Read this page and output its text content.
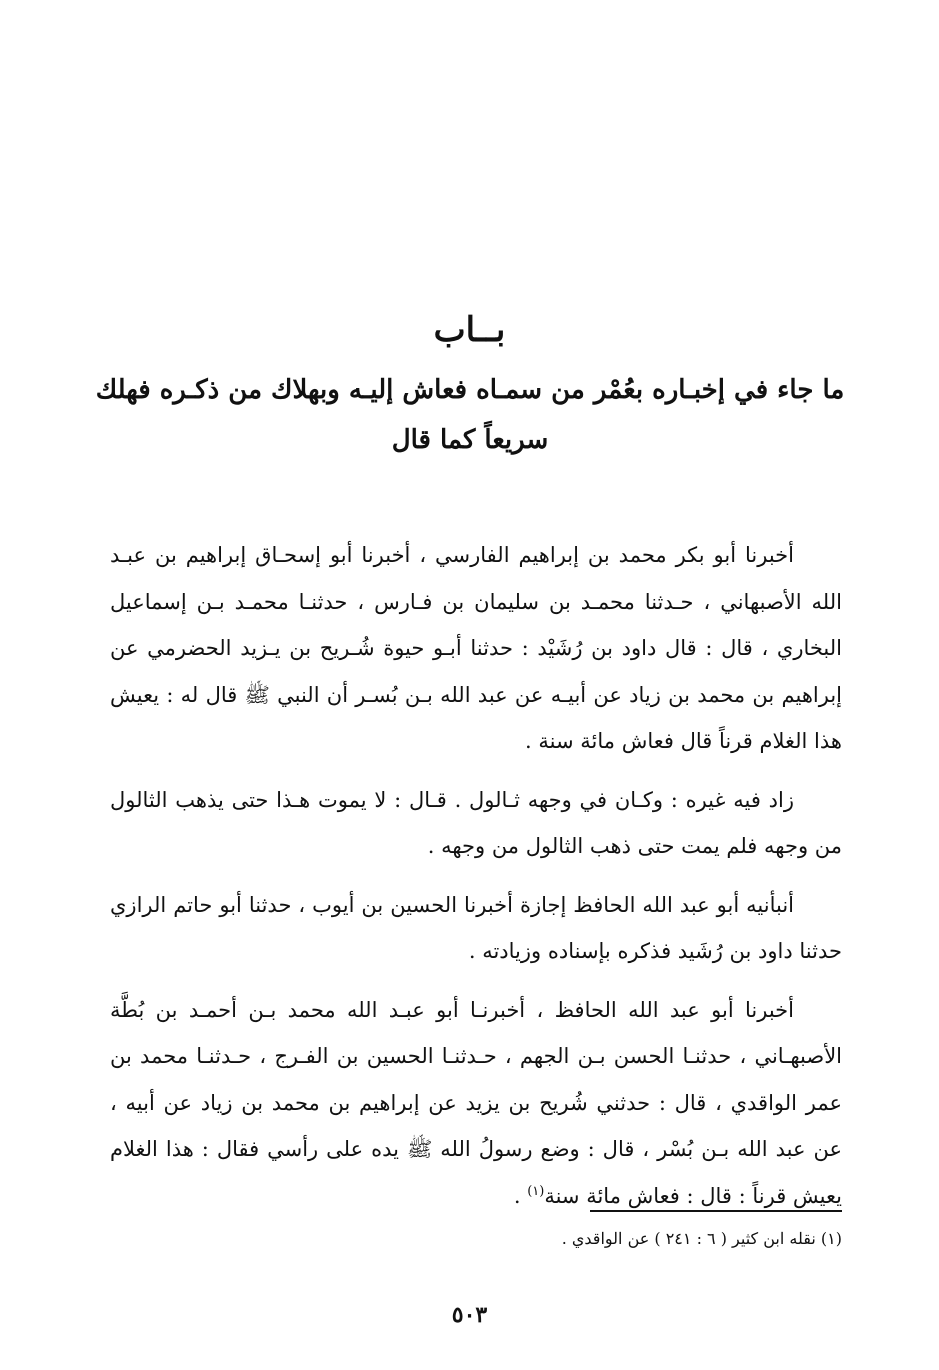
بــاب
ما جاء في إخبـاره بعُمْر من سمـاه فعاش إليـه وبهلاك من ذكـره فهلك سريعاً كما قال

أخبرنا أبو بكر محمد بن إبراهيم الفارسي ، أخبرنا أبو إسحـاق إبراهيم بن عبـد الله الأصبهاني ، حـدثنا محمـد بن سليمان بن فـارس ، حدثنـا محمـد بـن إسماعيل البخاري ، قال : قال داود بن رُشَيْد : حدثنا أبـو حيوة شُـريح بن يـزيد الحضرمي عن إبراهيم بن محمد بن زياد عن أبيـه عن عبد الله بـن بُسـر أن النبي ﷺ قال له : يعيش هذا الغلام قرناً قال فعاش مائة سنة .

زاد فيه غيره : وكـان في وجهه ثـالول . قـال : لا يموت هـذا حتى يذهب الثالول من وجهه فلم يمت حتى ذهب الثالول من وجهه .

أنبأنيه أبو عبد الله الحافظ إجازة أخبرنا الحسين بن أيوب ، حدثنا أبو حاتم الرازي حدثنا داود بن رُشَيد فذكره بإسناده وزيادته .

أخبرنا أبو عبد الله الحافظ ، أخبرنـا أبو عبـد الله محمد بـن أحمـد بن بُطَّة الأصبهـاني ، حدثنـا الحسن بـن الجهم ، حـدثنـا الحسين بن الفـرج ، حـدثنـا محمد بن عمر الواقدي ، قال : حدثني شُريح بن يزيد عن إبراهيم بن محمد بن زياد عن أبيه ، عن عبد الله بـن بُسْر ، قال : وضع رسولُ الله ﷺ يده على رأسي فقال : هذا الغلام يعيش قرناً : قال : فعاش مائة سنة$^{(١)}$ .

(١) نقله ابن كثير ( ٦ : ٢٤١ ) عن الواقدي .
٥٠٣
